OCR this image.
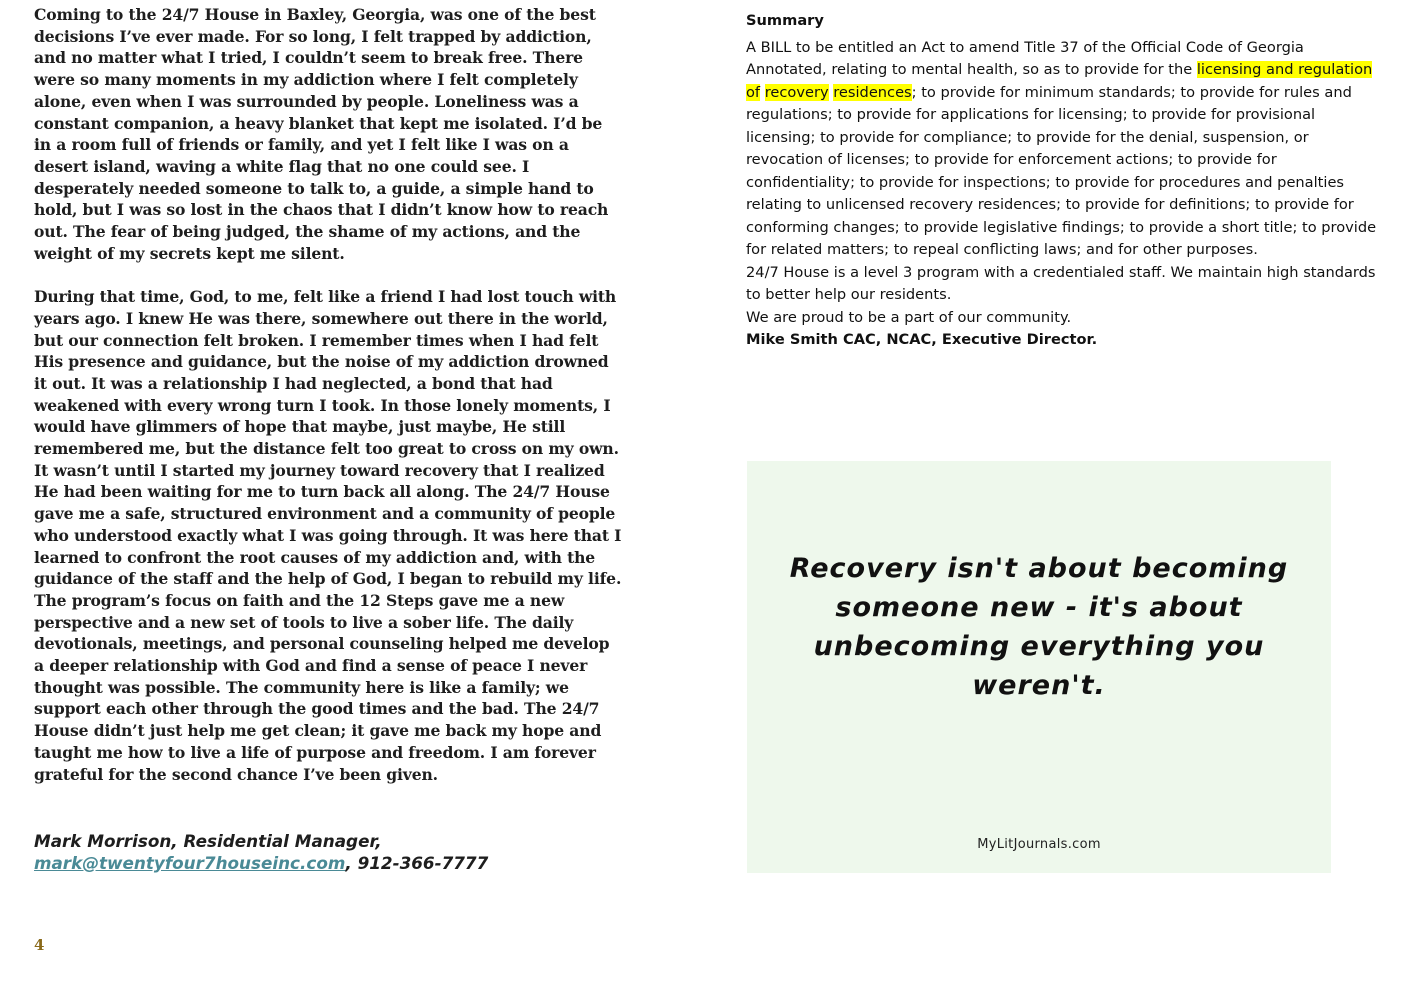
Coming to the 24/7 House in Baxley, Georgia, was one of the best decisions I’ve ever made. For so long, I felt trapped by addiction, and no matter what I tried, I couldn’t seem to break free. There were so many moments in my addiction where I felt completely alone, even when I was surrounded by people. Loneliness was a constant companion, a heavy blanket that kept me isolated. I’d be in a room full of friends or family, and yet I felt like I was on a desert island, waving a white flag that no one could see. I desperately needed someone to talk to, a guide, a simple hand to hold, but I was so lost in the chaos that I didn’t know how to reach out. The fear of being judged, the shame of my actions, and the weight of my secrets kept me silent.

During that time, God, to me, felt like a friend I had lost touch with years ago. I knew He was there, somewhere out there in the world, but our connection felt broken. I remember times when I had felt His presence and guidance, but the noise of my addiction drowned it out. It was a relationship I had neglected, a bond that had weakened with every wrong turn I took. In those lonely moments, I would have glimmers of hope that maybe, just maybe, He still remembered me, but the distance felt too great to cross on my own. It wasn’t until I started my journey toward recovery that I realized He had been waiting for me to turn back all along. The 24/7 House gave me a safe, structured environment and a community of people who understood exactly what I was going through. It was here that I learned to confront the root causes of my addiction and, with the guidance of the staff and the help of God, I began to rebuild my life. The program’s focus on faith and the 12 Steps gave me a new perspective and a new set of tools to live a sober life. The daily devotionals, meetings, and personal counseling helped me develop a deeper relationship with God and find a sense of peace I never thought was possible. The community here is like a family; we support each other through the good times and the bad. The 24/7 House didn’t just help me get clean; it gave me back my hope and taught me how to live a life of purpose and freedom. I am forever grateful for the second chance I’ve been given.

Mark Morrison, Residential Manager,
mark@twentyfour7houseinc.com, 912-366-7777
4
Summary

A BILL to be entitled an Act to amend Title 37 of the Official Code of Georgia Annotated, relating to mental health, so as to provide for the licensing and regulation of recovery residences; to provide for minimum standards; to provide for rules and regulations; to provide for applications for licensing; to provide for provisional licensing; to provide for compliance; to provide for the denial, suspension, or revocation of licenses; to provide for enforcement actions; to provide for confidentiality; to provide for inspections; to provide for procedures and penalties relating to unlicensed recovery residences; to provide for definitions; to provide for conforming changes; to provide legislative findings; to provide a short title; to provide for related matters; to repeal conflicting laws; and for other purposes.

24/7 House is a level 3 program with a credentialed staff. We maintain high standards to better help our residents.

We are proud to be a part of our community.

Mike Smith CAC, NCAC, Executive Director.

Recovery isn't about becoming someone new - it's about unbecoming everything you weren't.
MyLitJournals.com
